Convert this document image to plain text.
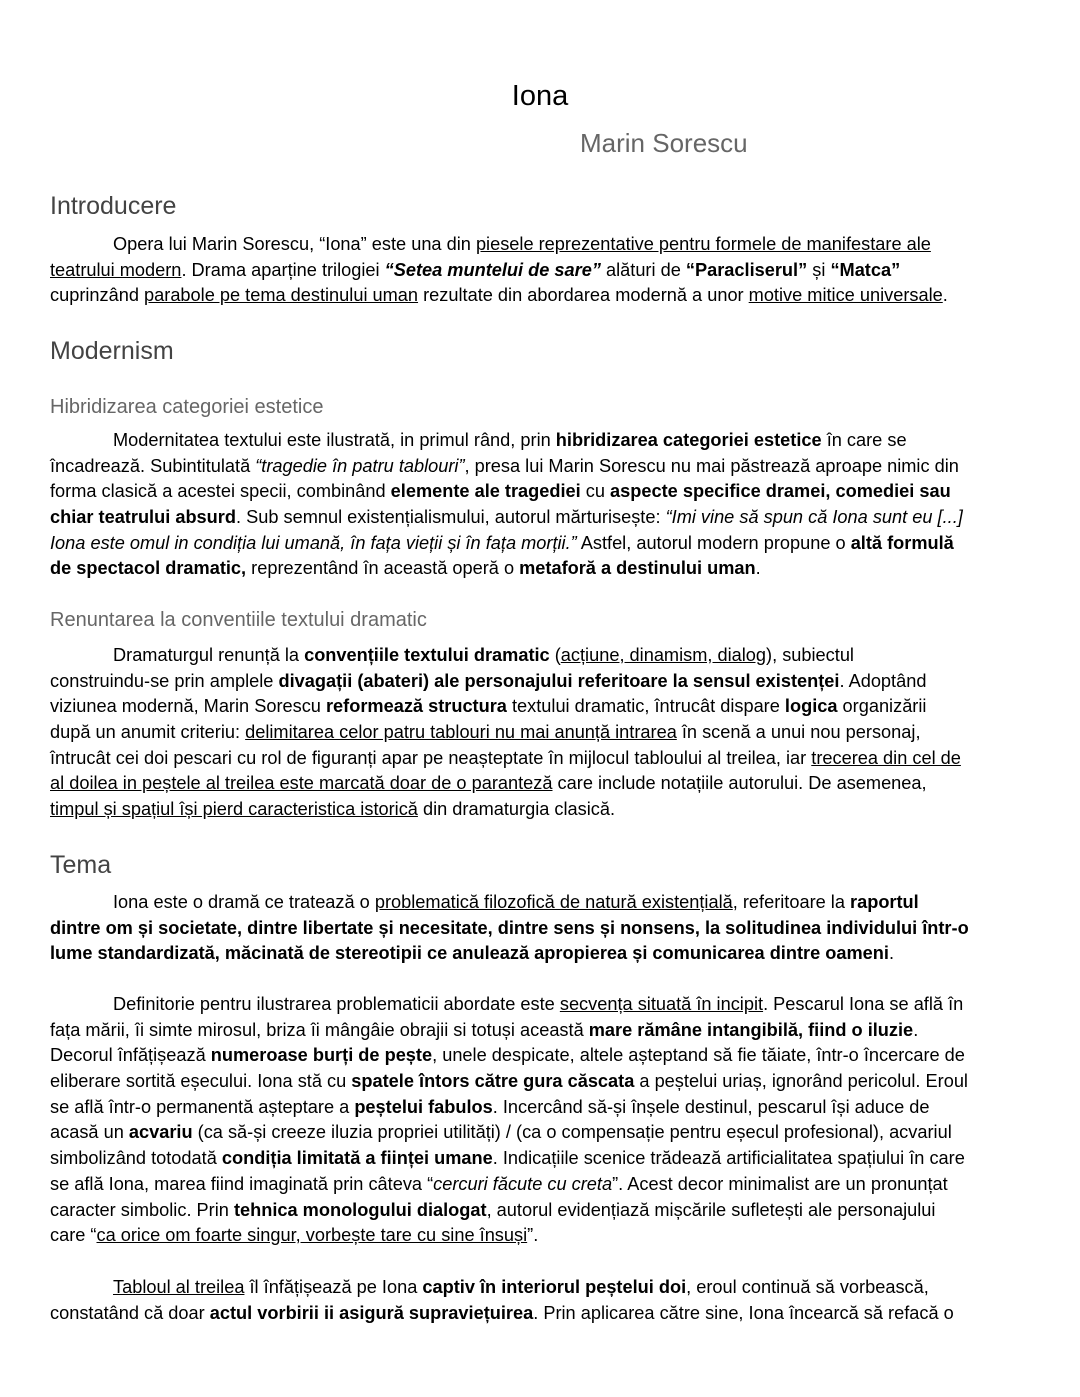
Iona
Marin Sorescu
Introducere
Opera lui Marin Sorescu, “Iona” este una din piesele reprezentative pentru formele de manifestare ale
teatrului modern. Drama aparține trilogiei “Setea muntelui de sare” alături de “Paracliserul” și “Matca”
cuprinzând parabole pe tema destinului uman rezultate din abordarea modernă a unor motive mitice universale.
Modernism
Hibridizarea categoriei estetice
Modernitatea textului este ilustrată, in primul rând, prin hibridizarea categoriei estetice în care se
încadrează. Subintitulată “tragedie în patru tablouri”, presa lui Marin Sorescu nu mai păstrează aproape nimic din
forma clasică a acestei specii, combinând elemente ale tragediei cu aspecte specifice dramei, comediei sau
chiar teatrului absurd. Sub semnul existențialismului, autorul mărturisește: “Imi vine să spun că Iona sunt eu [...]
Iona este omul in condiția lui umană, în fața vieții și în fața morții.” Astfel, autorul modern propune o altă formulă
de spectacol dramatic, reprezentând în această operă o metaforă a destinului uman.
Renuntarea la conventiile textului dramatic
Dramaturgul renunță la convențiile textului dramatic (acțiune, dinamism, dialog), subiectul
construindu-se prin amplele divagații (abateri) ale personajului referitoare la sensul existenței. Adoptând
viziunea modernă, Marin Sorescu reformează structura textului dramatic, întrucât dispare logica organizării
după un anumit criteriu: delimitarea celor patru tablouri nu mai anunță intrarea în scenă a unui nou personaj,
întrucât cei doi pescari cu rol de figuranți apar pe neașteptate în mijlocul tabloului al treilea, iar trecerea din cel de
al doilea in peștele al treilea este marcată doar de o paranteză care include notațiile autorului. De asemenea,
timpul și spațiul își pierd caracteristica istorică din dramaturgia clasică.
Tema
Iona este o dramă ce tratează o problematică filozofică de natură existențială, referitoare la raportul
dintre om și societate, dintre libertate și necesitate, dintre sens și nonsens, la solitudinea individului într-o
lume standardizată, măcinată de stereotipii ce anulează apropierea și comunicarea dintre oameni.
Definitorie pentru ilustrarea problematicii abordate este secvența situată în incipit. Pescarul Iona se află în
fața mării, îi simte mirosul, briza îi mângâie obrajii si totuși această mare rămâne intangibilă, fiind o iluzie.
Decorul înfățișează numeroase burți de pește, unele despicate, altele așteptand să fie tăiate, într-o încercare de
eliberare sortită eșecului. Iona stă cu spatele întors către gura căscata a peștelui uriaș, ignorând pericolul. Eroul
se află într-o permanentă așteptare a peștelui fabulos. Incercând să-și înșele destinul, pescarul își aduce de
acasă un acvariu (ca să-și creeze iluzia propriei utilități) / (ca o compensație pentru eșecul profesional), acvariul
simbolizând totodată condiția limitată a ființei umane. Indicațiile scenice trădează artificialitatea spațiului în care
se află Iona, marea fiind imaginată prin câteva “cercuri făcute cu creta”. Acest decor minimalist are un pronunțat
caracter simbolic. Prin tehnica monologului dialogat, autorul evidențiază mișcările sufletești ale personajului
care “ca orice om foarte singur, vorbește tare cu sine însuși”.
Tabloul al treilea îl înfățișează pe Iona captiv în interiorul peștelui doi, eroul continuă să vorbească,
constatând că doar actul vorbirii ii asigură supraviețuirea. Prin aplicarea către sine, Iona încearcă să refacă o
